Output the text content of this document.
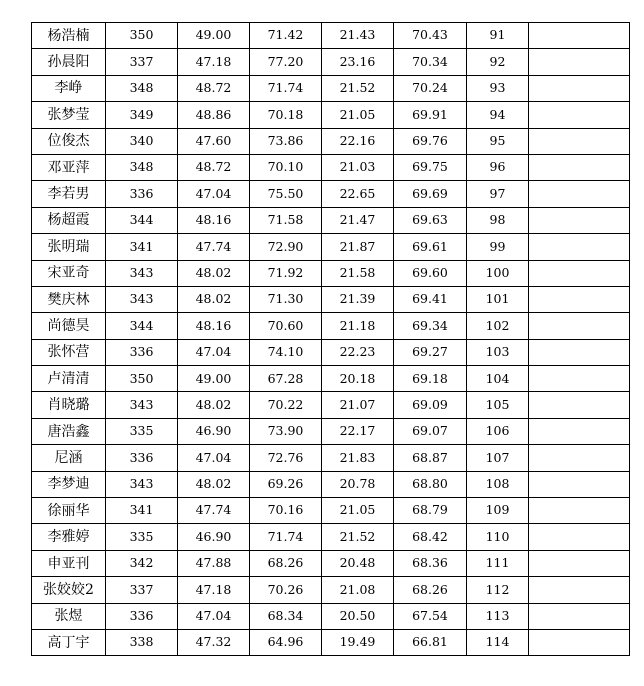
杨浩楠	350	49.00	71.42	21.43	70.43	91	
孙晨阳	337	47.18	77.20	23.16	70.34	92	
李峥	348	48.72	71.74	21.52	70.24	93	
张梦莹	349	48.86	70.18	21.05	69.91	94	
位俊杰	340	47.60	73.86	22.16	69.76	95	
邓亚萍	348	48.72	70.10	21.03	69.75	96	
李若男	336	47.04	75.50	22.65	69.69	97	
杨超霞	344	48.16	71.58	21.47	69.63	98	
张明瑞	341	47.74	72.90	21.87	69.61	99	
宋亚奇	343	48.02	71.92	21.58	69.60	100	
樊庆林	343	48.02	71.30	21.39	69.41	101	
尚德昊	344	48.16	70.60	21.18	69.34	102	
张怀营	336	47.04	74.10	22.23	69.27	103	
卢清清	350	49.00	67.28	20.18	69.18	104	
肖晓璐	343	48.02	70.22	21.07	69.09	105	
唐浩鑫	335	46.90	73.90	22.17	69.07	106	
尼涵	336	47.04	72.76	21.83	68.87	107	
李梦迪	343	48.02	69.26	20.78	68.80	108	
徐丽华	341	47.74	70.16	21.05	68.79	109	
李雅婷	335	46.90	71.74	21.52	68.42	110	
申亚刊	342	47.88	68.26	20.48	68.36	111	
张姣姣2	337	47.18	70.26	21.08	68.26	112	
张煜	336	47.04	68.34	20.50	67.54	113	
高丁宇	338	47.32	64.96	19.49	66.81	114	
